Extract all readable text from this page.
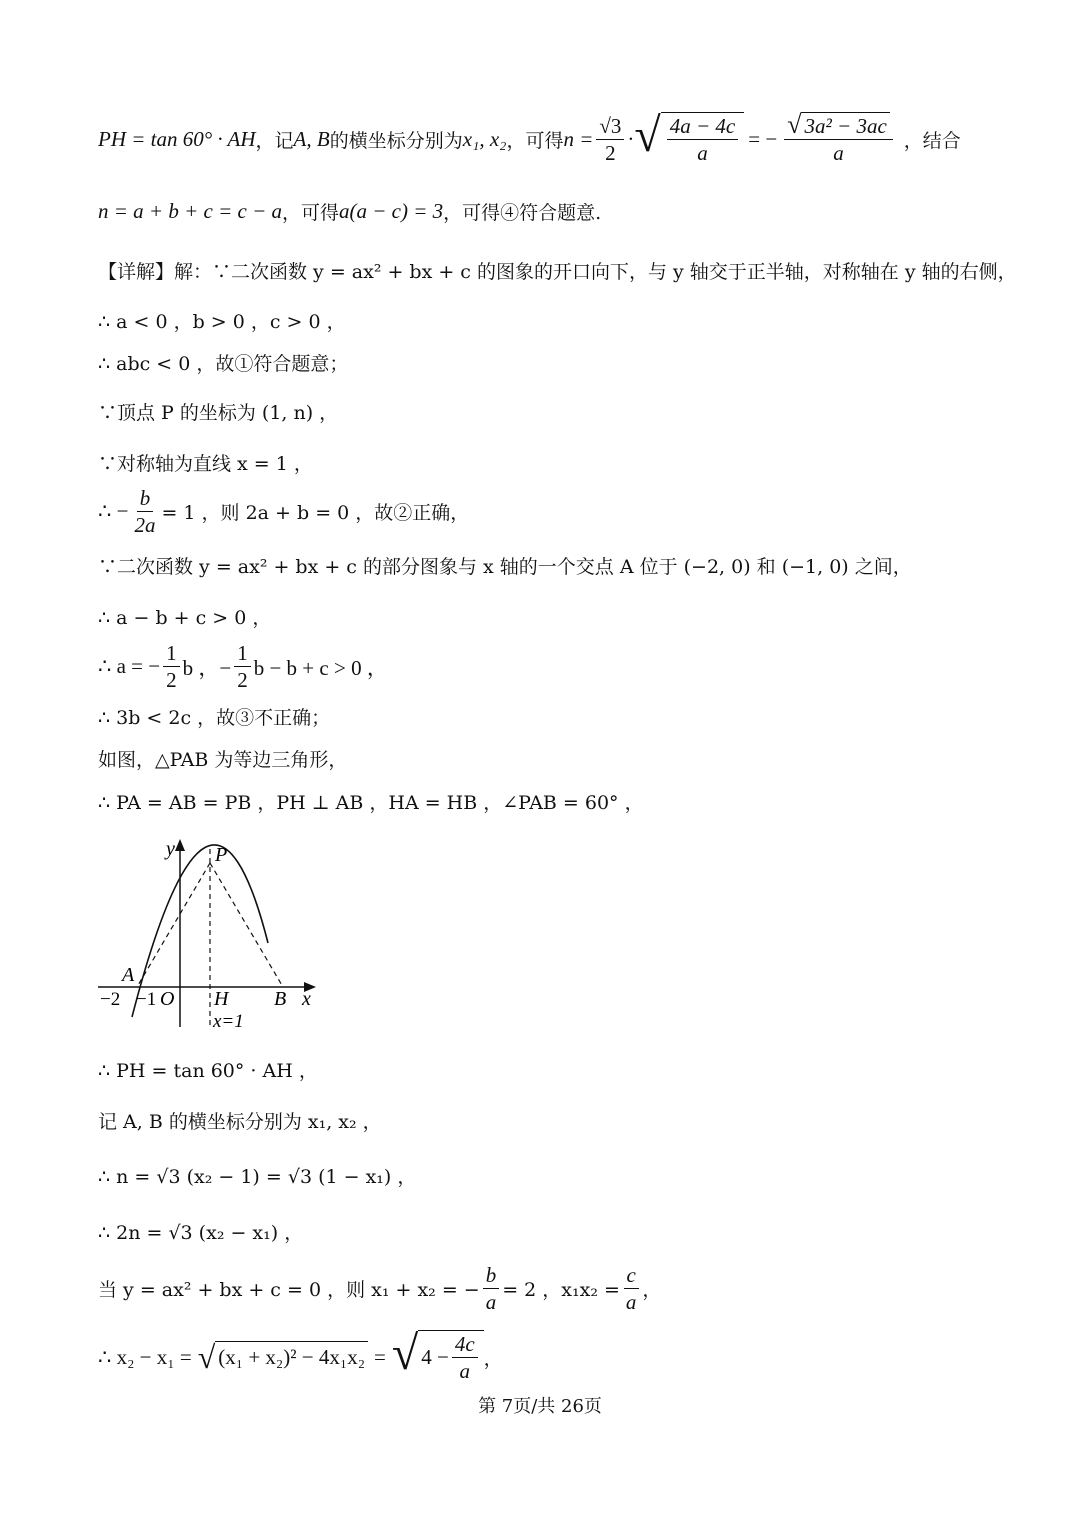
PH = tan 60° · AH ，记 A, B 的横坐标分别为 x₁, x₂ ，可得 $n = \frac{√3}{2}$ · √ $\frac{4a - 4c}{a}$ = − $\frac{\text{√ 3a² − 3ac}}{a}$ ，结合
n = a + b + c = c − a ，可得 a(a − c) = 3 ，可得④符合题意.
【详解】解：∵二次函数 y = ax² + bx + c 的图象的开口向下，与 y 轴交于正半轴，对称轴在 y 轴的右侧，
∴ a < 0 ，b > 0 ，c > 0 ，
∴ abc < 0 ，故①符合题意；
∵顶点 P 的坐标为 (1, n) ，
∵对称轴为直线 x = 1 ，
∴ − $\frac{b}{2a} = 1$ ，则 2a + b = 0 ，故②正确，
∵二次函数 y = ax² + bx + c 的部分图象与 x 轴的一个交点 A 位于 (−2, 0) 和 (−1, 0) 之间，
∴ a − b + c > 0 ，
∴ a = − $\frac{1}{2}$ b ，− $\frac{1}{2}$ b − b + c > 0 ，
∴ 3b < 2c ，故③不正确；
如图，△PAB 为等边三角形，
∴ PA = AB = PB ，PH ⊥ AB ，HA = HB ，∠PAB = 60° ，
y
x
P
A
O H B
−2 −1
x=1
∴ PH = tan 60° · AH ，
记 A, B 的横坐标分别为 x₁, x₂ ，
∴ n = √3 (x₂ − 1) = √3 (1 − x₁) ，
∴ 2n = √3 (x₂ − x₁) ，
当 y = ax² + bx + c = 0 ，则 x₁ + x₂ = − $\frac{b}{a} = 2$ ，$x_1x_2 = \frac{c}{a}$ ，
∴ x₂ − x₁ = √ (x₁ + x₂)² − 4x₁x₂ = √ $4 - \frac{4c}{a}$ ，
第 7页/共 26页
